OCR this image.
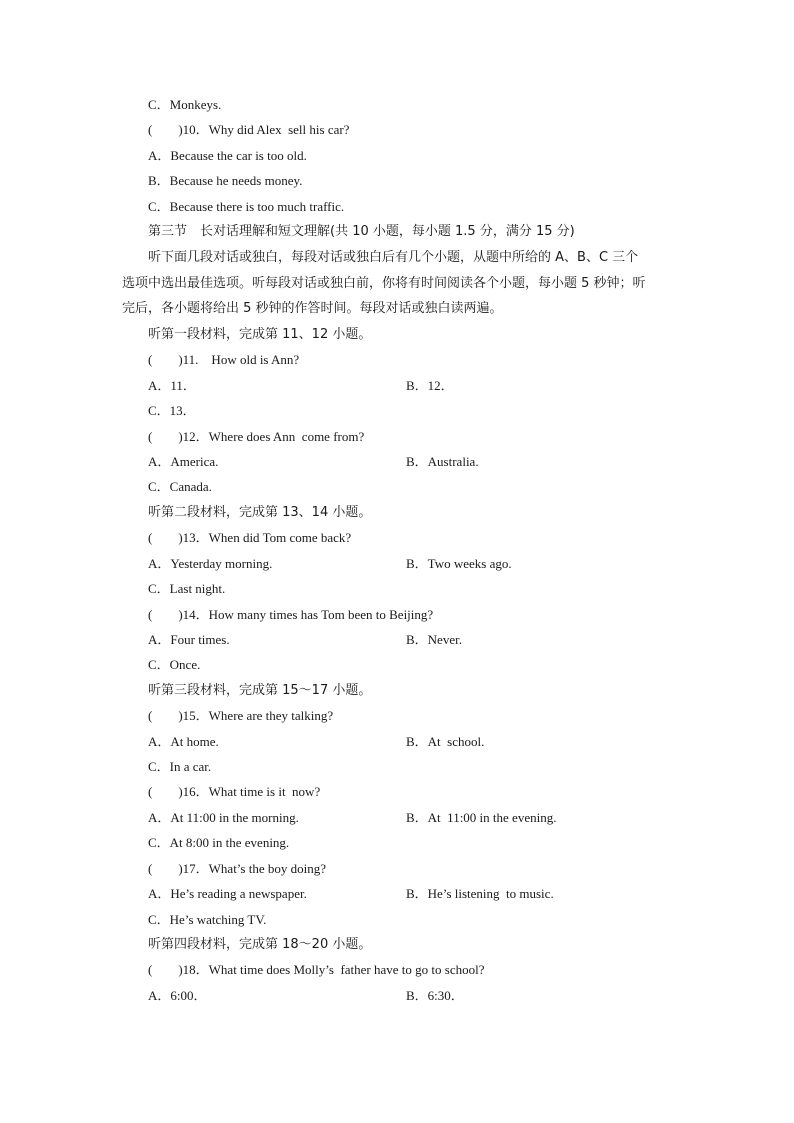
C．Monkeys.
(        )10．Why did Alex  sell his car?
A．Because the car is too old.
B．Because he needs money.
C．Because there is too much traffic.
第三节　长对话理解和短文理解(共 10 小题，每小题 1.5 分，满分 15 分)
听下面几段对话或独白，每段对话或独白后有几个小题，从题中所给的 A、B、C 三个
选项中选出最佳选项。听每段对话或独白前，你将有时间阅读各个小题，每小题 5 秒钟；听
完后，各小题将给出 5 秒钟的作答时间。每段对话或独白读两遍。
听第一段材料，完成第 11、12 小题。
(        )11.    How old is Ann?
A．11．	B．12．
C．13．
(        )12．Where does Ann  come from?
A．America.	B．Australia.
C．Canada.
听第二段材料，完成第 13、14 小题。
(        )13．When did Tom come back?
A．Yesterday morning.	B．Two weeks ago.
C．Last night.
(        )14．How many times has Tom been to Beijing?
A．Four times.	B．Never.
C．Once.
听第三段材料，完成第 15～17 小题。
(        )15．Where are they talking?
A．At home.	B．At  school.
C．In a car.
(        )16．What time is it  now?
A．At 11:00 in the morning.	B．At  11:00 in the evening.
C．At 8:00 in the evening.
(        )17．What’s the boy doing?
A．He’s reading a newspaper.	B．He’s listening  to music.
C．He’s watching TV.
听第四段材料，完成第 18～20 小题。
(        )18．What time does Molly’s  father have to go to school?
A．6:00．	B．6:30．
